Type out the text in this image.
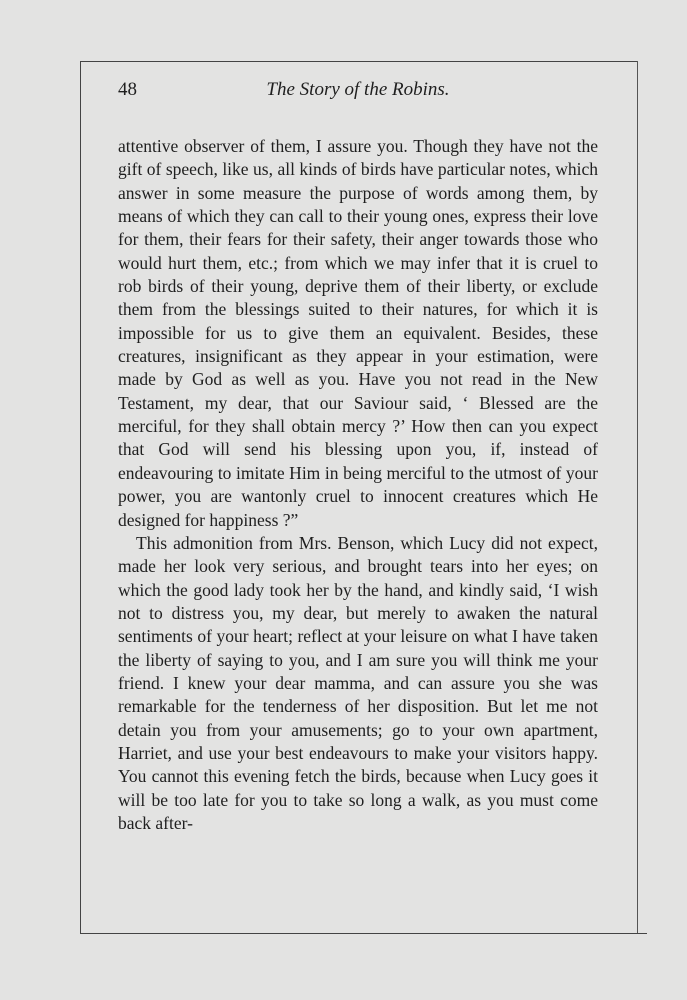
48	The Story of the Robins.

attentive observer of them, I assure you. Though they have not the gift of speech, like us, all kinds of birds have particular notes, which answer in some measure the purpose of words among them, by means of which they can call to their young ones, express their love for them, their fears for their safety, their anger towards those who would hurt them, etc.; from which we may infer that it is cruel to rob birds of their young, deprive them of their liberty, or exclude them from the blessings suited to their natures, for which it is impossible for us to give them an equivalent. Besides, these creatures, insignificant as they appear in your estimation, were made by God as well as you. Have you not read in the New Testament, my dear, that our Saviour said, ‘ Blessed are the merciful, for they shall obtain mercy ?’ How then can you expect that God will send his blessing upon you, if, instead of endeavouring to imitate Him in being merciful to the utmost of your power, you are wantonly cruel to innocent creatures which He designed for happiness ?”

This admonition from Mrs. Benson, which Lucy did not expect, made her look very serious, and brought tears into her eyes; on which the good lady took her by the hand, and kindly said, ‘I wish not to distress you, my dear, but merely to awaken the natural sentiments of your heart; reflect at your leisure on what I have taken the liberty of saying to you, and I am sure you will think me your friend. I knew your dear mamma, and can assure you she was remarkable for the tenderness of her disposition. But let me not detain you from your amusements; go to your own apartment, Harriet, and use your best endeavours to make your visitors happy. You cannot this evening fetch the birds, because when Lucy goes it will be too late for you to take so long a walk, as you must come back after-
